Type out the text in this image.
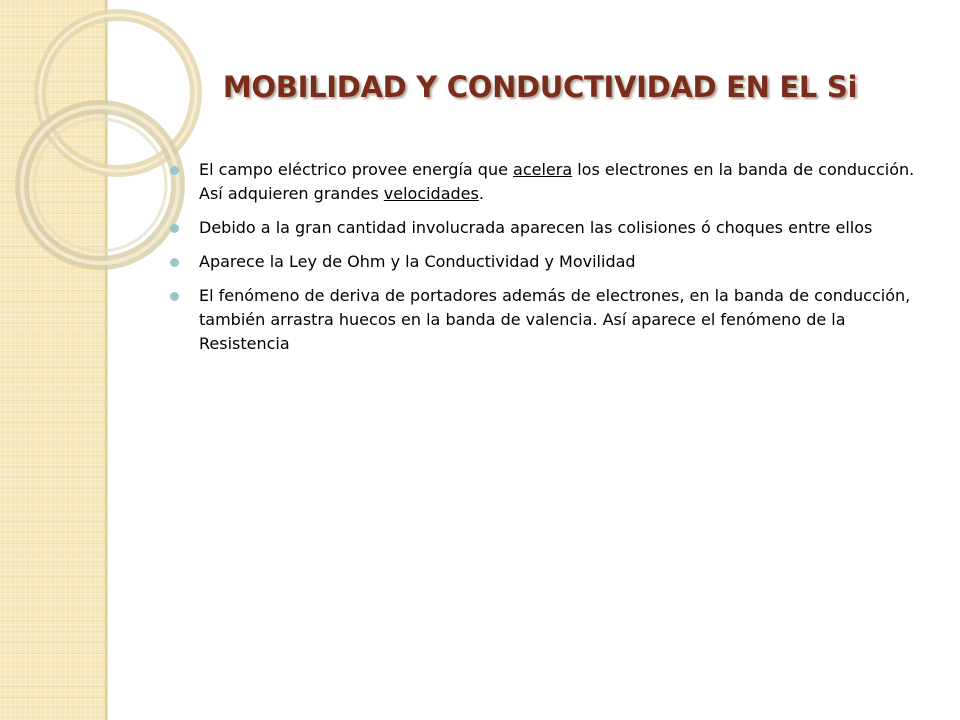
MOBILIDAD Y CONDUCTIVIDAD EN EL Si
El campo eléctrico provee energía que acelera los electrones en la banda de conducción. Así adquieren grandes velocidades.
Debido a la gran cantidad involucrada aparecen las colisiones ó choques entre ellos
Aparece la Ley de Ohm y la Conductividad y Movilidad
El fenómeno de deriva de portadores además de electrones, en la banda de conducción, también arrastra huecos en la banda de valencia. Así aparece el fenómeno de la Resistencia
